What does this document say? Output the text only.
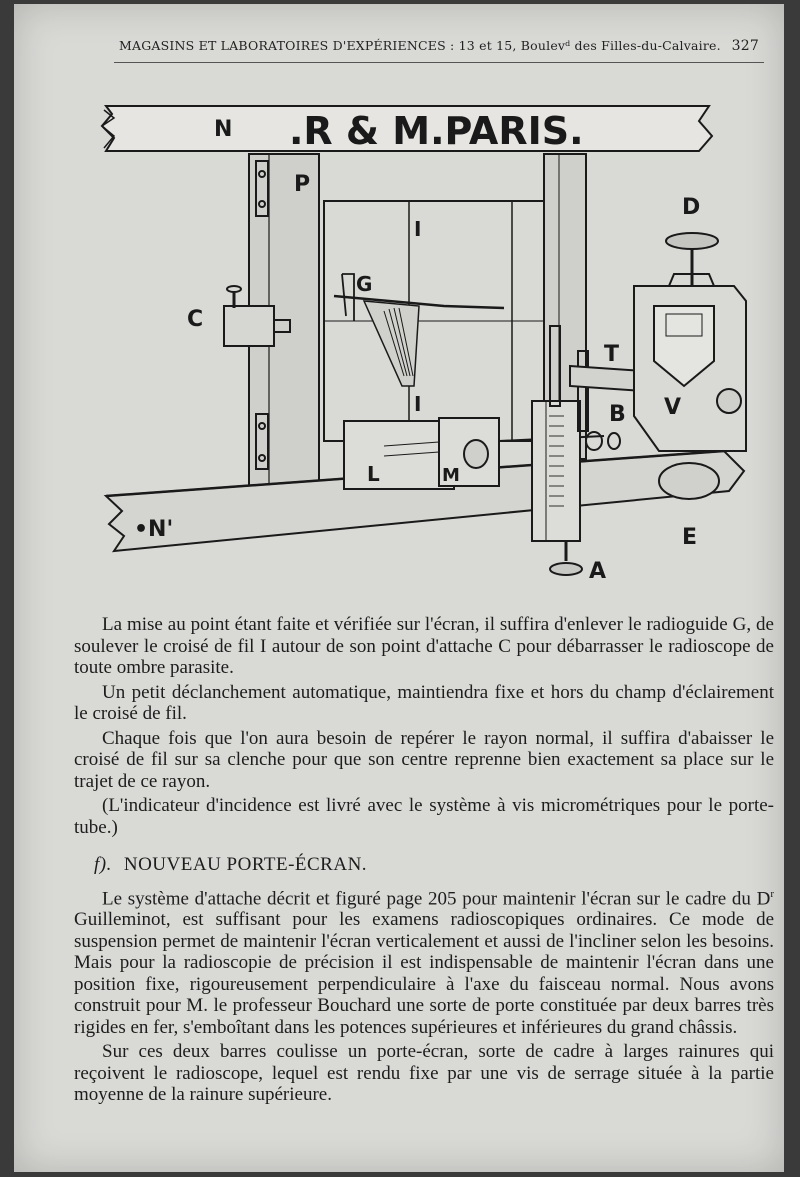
MAGASINS ET LABORATOIRES D'EXPÉRIENCES : 13 et 15, Boulevᵈ des Filles-du-Calvaire. 327
N .R & M.PARIS.
P
I
G
C
D
T
I	B V
L	M
•N'	E
A

La mise au point étant faite et vérifiée sur l'écran, il suffira d'enlever le radioguide G, de soulever le croisé de fil I autour de son point d'attache C pour débarrasser le radioscope de toute ombre parasite.

Un petit déclanchement automatique, maintiendra fixe et hors du champ d'éclairement le croisé de fil.

Chaque fois que l'on aura besoin de repérer le rayon normal, il suffira d'abaisser le croisé de fil sur sa clenche pour que son centre reprenne bien exactement sa place sur le trajet de ce rayon.

(L'indicateur d'incidence est livré avec le système à vis micrométriques pour le porte-tube.)

f). NOUVEAU PORTE-ÉCRAN.

Le système d'attache décrit et figuré page 205 pour maintenir l'écran sur le cadre du $D^r$ Guilleminot, est suffisant pour les examens radioscopiques ordinaires. Ce mode de suspension permet de maintenir l'écran verticalement et aussi de l'incliner selon les besoins. Mais pour la radioscopie de précision il est indispensable de maintenir l'écran dans une position fixe, rigoureusement perpendiculaire à l'axe du faisceau normal. Nous avons construit pour M. le professeur Bouchard une sorte de porte constituée par deux barres très rigides en fer, s'emboîtant dans les potences supérieures et inférieures du grand châssis.

Sur ces deux barres coulisse un porte-écran, sorte de cadre à larges rainures qui reçoivent le radioscope, lequel est rendu fixe par une vis de serrage située à la partie moyenne de la rainure supérieure.
